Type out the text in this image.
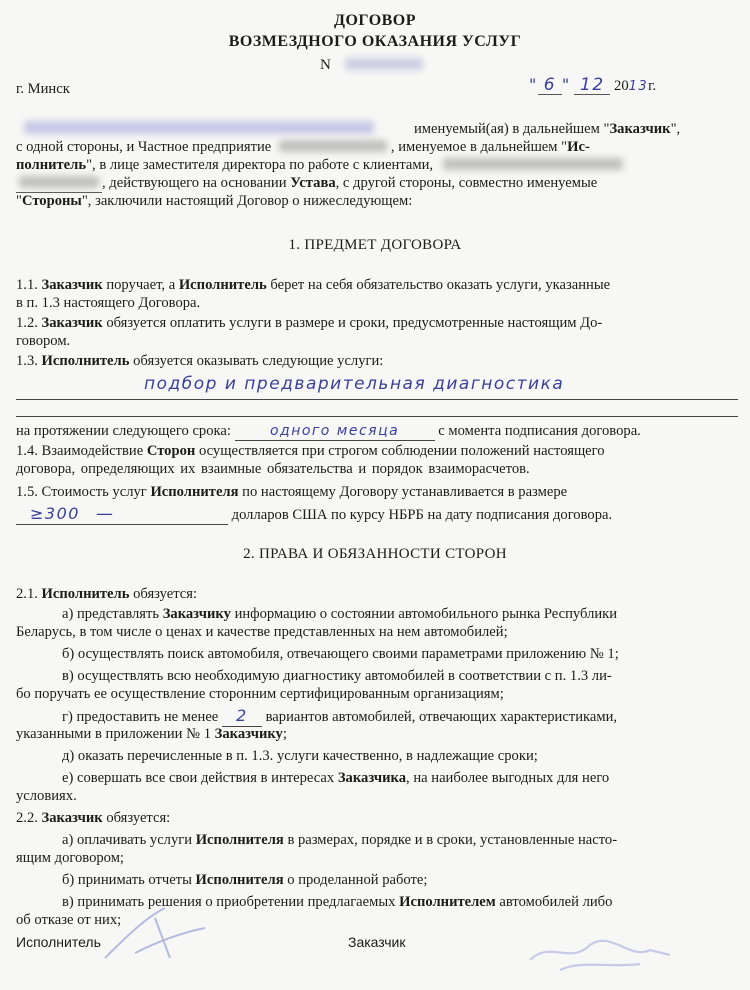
ДОГОВОР
ВОЗМЕЗДНОГО ОКАЗАНИЯ УСЛУГ
N
г. Минск	" 6 " 12 2013г.
именуемый(ая) в дальнейшем "Заказчик",
с одной стороны, и Частное предприятие	, именуемое в дальнейшем "Ис-
полнитель", в лице заместителя директора по работе с клиентами,
, действующего на основании Устава, с другой стороны, совместно именуемые
"Стороны", заключили настоящий Договор о нижеследующем:
1. ПРЕДМЕТ ДОГОВОРА
1.1. Заказчик поручает, а Исполнитель берет на себя обязательство оказать услуги, указанные
в п. 1.3 настоящего Договора.
1.2. Заказчик обязуется оплатить услуги в размере и сроки, предусмотренные настоящим До-
говором.
1.3. Исполнитель обязуется оказывать следующие услуги:
подбор и предварительная диагностика
на протяжении следующего срока:	одного месяца	с момента подписания договора.
1.4. Взаимодействие Сторон осуществляется при строгом соблюдении положений настоящего
договора, определяющих их взаимные обязательства и порядок взаиморасчетов.
1.5. Стоимость услуг Исполнителя по настоящему Договору устанавливается в размере
≥300 —	долларов США по курсу НБРБ на дату подписания договора.
2. ПРАВА И ОБЯЗАННОСТИ СТОРОН
2.1. Исполнитель обязуется:
а) представлять Заказчику информацию о состоянии автомобильного рынка Республики
Беларусь, в том числе о ценах и качестве представленных на нем автомобилей;
б) осуществлять поиск автомобиля, отвечающего своими параметрами приложению № 1;
в) осуществлять всю необходимую диагностику автомобилей в соответствии с п. 1.3 ли-
бо поручать ее осуществление сторонним сертифицированным организациям;
г) предоставить не менее 2 вариантов автомобилей, отвечающих характеристиками,
указанными в приложении № 1 Заказчику;
д) оказать перечисленные в п. 1.3. услуги качественно, в надлежащие сроки;
е) совершать все свои действия в интересах Заказчика, на наиболее выгодных для него
условиях.
2.2. Заказчик обязуется:
а) оплачивать услуги Исполнителя в размерах, порядке и в сроки, установленные насто-
ящим договором;
б) принимать отчеты Исполнителя о проделанной работе;
в) принимать решения о приобретении предлагаемых Исполнителем автомобилей либо
об отказе от них;
Исполнитель	Заказчик
